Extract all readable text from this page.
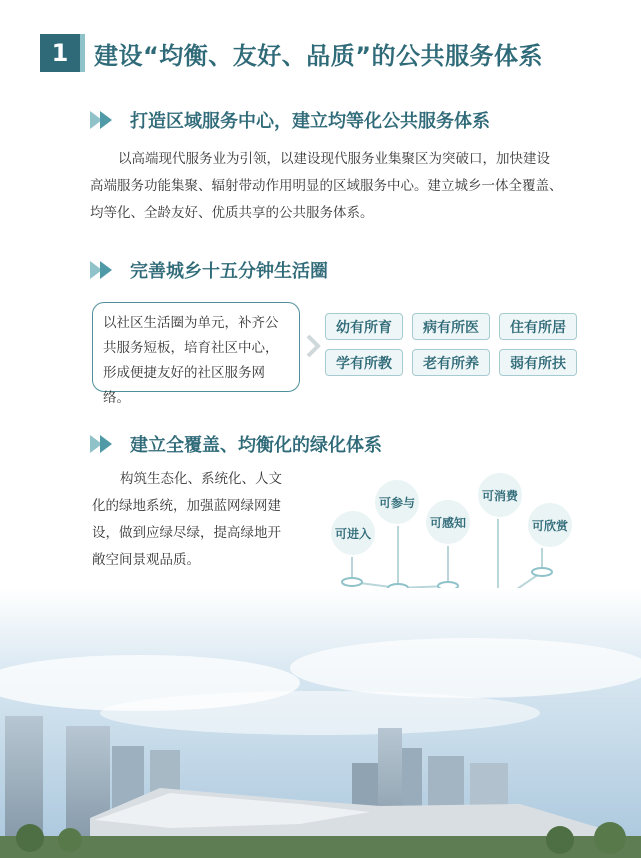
1	建设“均衡、友好、品质”的公共服务体系
打造区域服务中心，建立均等化公共服务体系
以高端现代服务业为引领，以建设现代服务业集聚区为突破口，加快建设
高端服务功能集聚、辐射带动作用明显的区域服务中心。建立城乡一体全覆盖、
均等化、全龄友好、优质共享的公共服务体系。
完善城乡十五分钟生活圈
以社区生活圈为单元，补齐公
共服务短板，培育社区中心，
形成便捷友好的社区服务网络。
幼有所育	病有所医	住有所居
学有所教	老有所养	弱有所扶
建立全覆盖、均衡化的绿化体系
构筑生态化、系统化、人文
化的绿地系统，加强蓝网绿网建
设，做到应绿尽绿，提高绿地开
敞空间景观品质。
可进入
可参与
可感知
可消费
可欣赏
